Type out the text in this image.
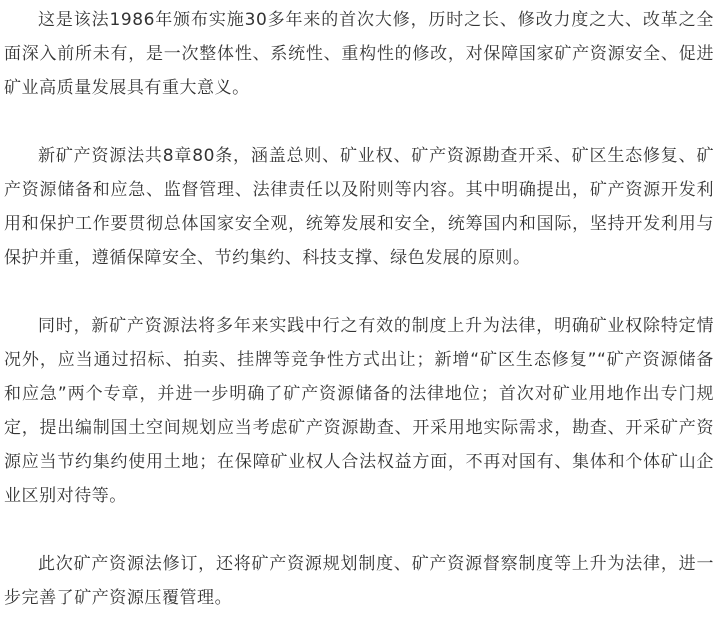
这是该法1986年颁布实施30多年来的首次大修，历时之长、修改力度之大、改革之全面深入前所未有，是一次整体性、系统性、重构性的修改，对保障国家矿产资源安全、促进矿业高质量发展具有重大意义。

新矿产资源法共8章80条，涵盖总则、矿业权、矿产资源勘查开采、矿区生态修复、矿产资源储备和应急、监督管理、法律责任以及附则等内容。其中明确提出，矿产资源开发利用和保护工作要贯彻总体国家安全观，统筹发展和安全，统筹国内和国际，坚持开发利用与保护并重，遵循保障安全、节约集约、科技支撑、绿色发展的原则。

同时，新矿产资源法将多年来实践中行之有效的制度上升为法律，明确矿业权除特定情况外，应当通过招标、拍卖、挂牌等竞争性方式出让；新增“矿区生态修复”“矿产资源储备和应急”两个专章，并进一步明确了矿产资源储备的法律地位；首次对矿业用地作出专门规定，提出编制国土空间规划应当考虑矿产资源勘查、开采用地实际需求，勘查、开采矿产资源应当节约集约使用土地；在保障矿业权人合法权益方面，不再对国有、集体和个体矿山企业区别对待等。

此次矿产资源法修订，还将矿产资源规划制度、矿产资源督察制度等上升为法律，进一步完善了矿产资源压覆管理。
